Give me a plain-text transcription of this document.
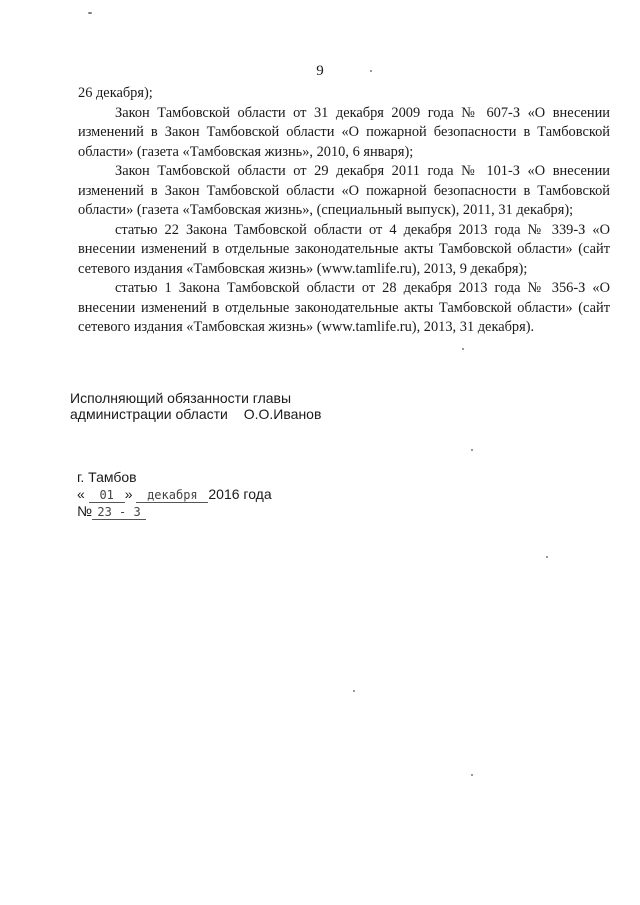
9

26 декабря);

Закон Тамбовской области от 31 декабря 2009 года № 607-З «О внесении изменений в Закон Тамбовской области «О пожарной безопасности в Тамбовской области» (газета «Тамбовская жизнь», 2010, 6 января);

Закон Тамбовской области от 29 декабря 2011 года № 101-З «О внесении изменений в Закон Тамбовской области «О пожарной безопасности в Тамбовской области» (газета «Тамбовская жизнь», (специальный выпуск), 2011, 31 декабря);

статью 22 Закона Тамбовской области от 4 декабря 2013 года № 339-З «О внесении изменений в отдельные законодательные акты Тамбовской области» (сайт сетевого издания «Тамбовская жизнь» (www.tamlife.ru), 2013, 9 декабря);

статью 1 Закона Тамбовской области от 28 декабря 2013 года № 356-З «О внесении изменений в отдельные законодательные акты Тамбовской области» (сайт сетевого издания «Тамбовская жизнь» (www.tamlife.ru), 2013, 31 декабря).

Исполняющий обязанности главы
администрации области О.О.Иванов
г. Тамбов
« 01 » декабря 2016 года
№ 23 - З
